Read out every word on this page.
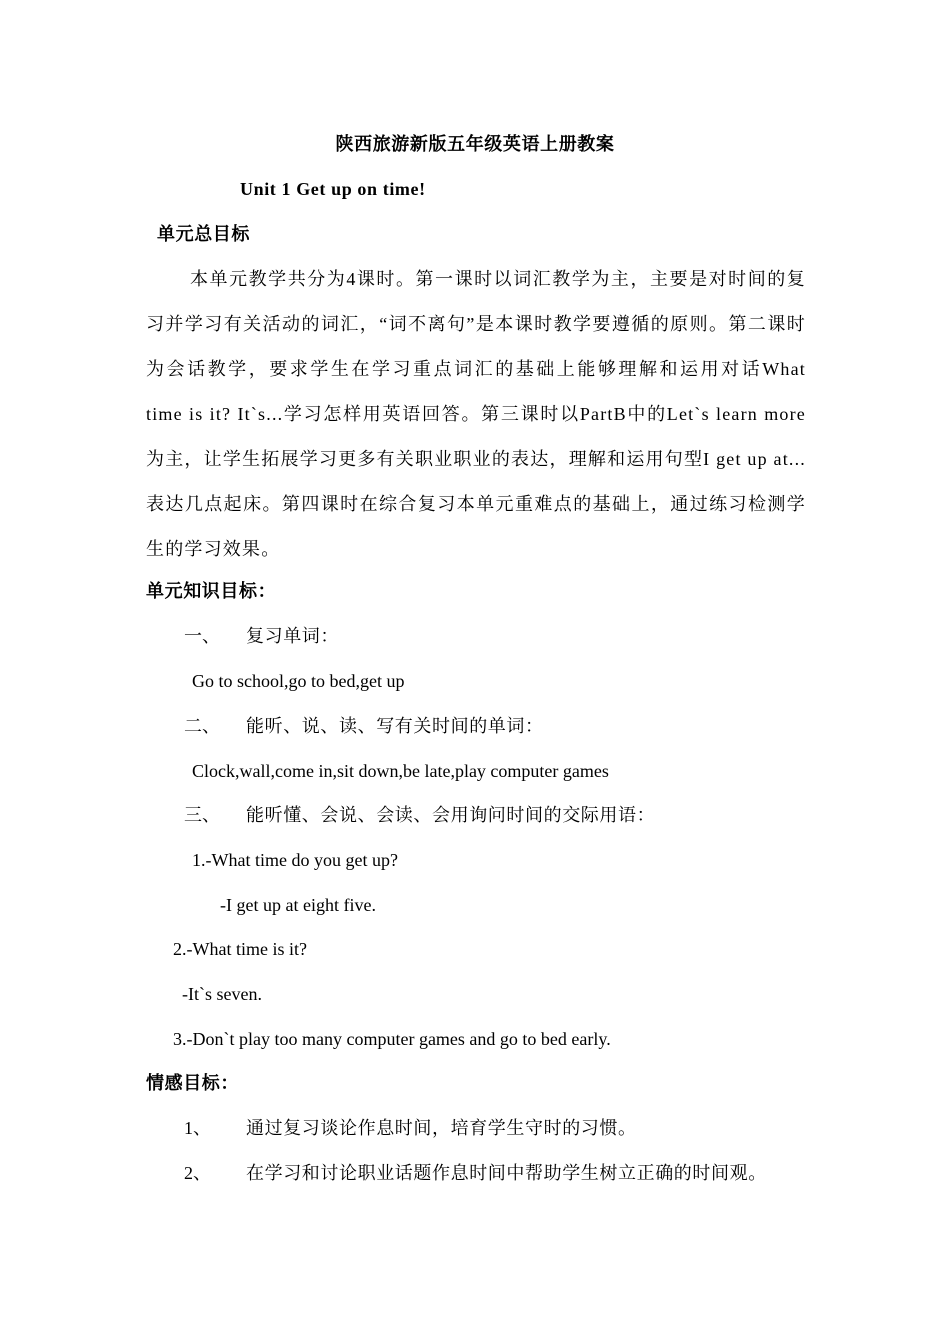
陕西旅游新版五年级英语上册教案
Unit 1 Get up on time!
单元总目标
本单元教学共分为4课时。第一课时以词汇教学为主，主要是对时间的复习并学习有关活动的词汇，“词不离句”是本课时教学要遵循的原则。第二课时为会话教学，要求学生在学习重点词汇的基础上能够理解和运用对话What time is it? It`s...学习怎样用英语回答。第三课时以PartB中的Let`s learn more为主，让学生拓展学习更多有关职业职业的表达，理解和运用句型I get up at...表达几点起床。第四课时在综合复习本单元重难点的基础上，通过练习检测学生的学习效果。
单元知识目标：
一、 复习单词：
Go to school,go to bed,get up
二、 能听、说、读、写有关时间的单词：
Clock,wall,come in,sit down,be late,play computer games
三、 能听懂、会说、会读、会用询问时间的交际用语：
1.-What time do you get up?
-I get up at eight five.
2.-What time is it?
-It`s seven.
3.-Don`t play too many computer games and go to bed early.
情感目标：
1、 通过复习谈论作息时间，培育学生守时的习惯。
2、 在学习和讨论职业话题作息时间中帮助学生树立正确的时间观。
